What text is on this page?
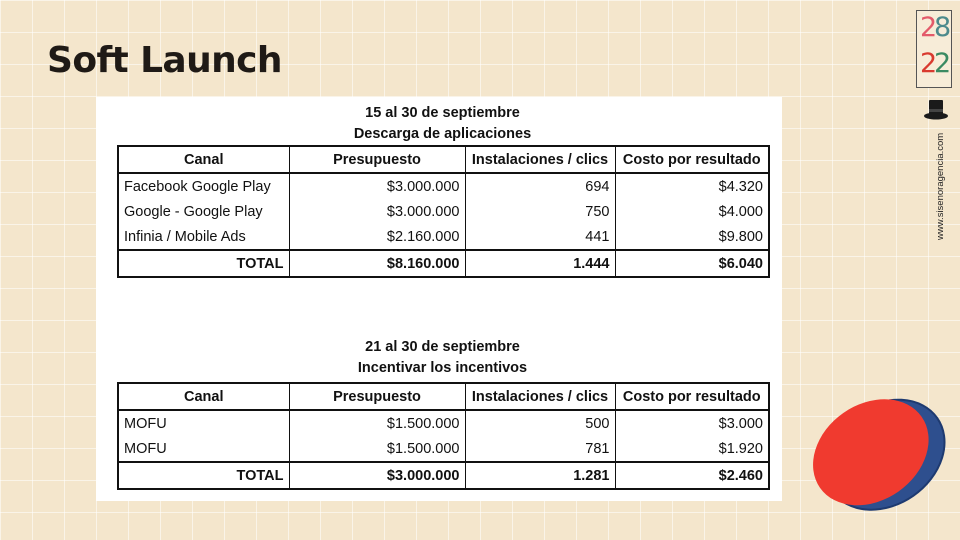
Soft Launch
15 al 30 de septiembre
Descarga de aplicaciones
Canal	Presupuesto	Instalaciones / clics	Costo por resultado
Facebook Google Play	$3.000.000	694	$4.320
Google - Google Play	$3.000.000	750	$4.000
Infinia / Mobile Ads	$2.160.000	441	$9.800
TOTAL	$8.160.000	1.444	$6.040
21 al 30 de septiembre
Incentivar los incentivos
Canal	Presupuesto	Instalaciones / clics	Costo por resultado
MOFU	$1.500.000	500	$3.000
MOFU	$1.500.000	781	$1.920
TOTAL	$3.000.000	1.281	$2.460
2
8
2
2
www.sisenoragencia.com
